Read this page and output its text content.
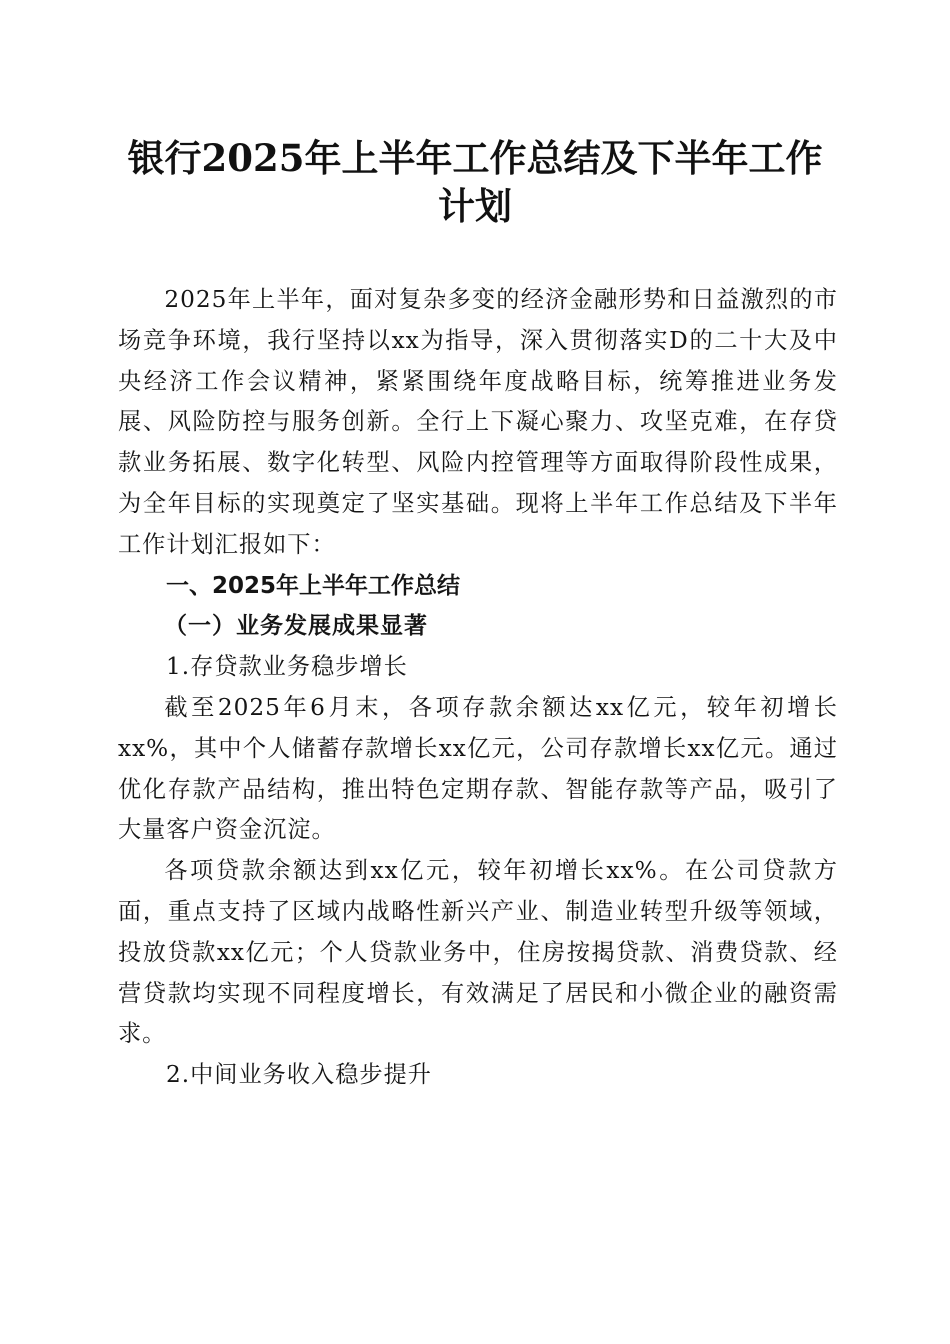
银行2025年上半年工作总结及下半年工作计划

2025年上半年，面对复杂多变的经济金融形势和日益激烈的市场竞争环境，我行坚持以xx为指导，深入贯彻落实D的二十大及中央经济工作会议精神，紧紧围绕年度战略目标，统筹推进业务发展、风险防控与服务创新。全行上下凝心聚力、攻坚克难，在存贷款业务拓展、数字化转型、风险内控管理等方面取得阶段性成果，为全年目标的实现奠定了坚实基础。现将上半年工作总结及下半年工作计划汇报如下：

一、2025年上半年工作总结

（一）业务发展成果显著

1.存贷款业务稳步增长

截至2025年6月末，各项存款余额达xx亿元，较年初增长xx%，其中个人储蓄存款增长xx亿元，公司存款增长xx亿元。通过优化存款产品结构，推出特色定期存款、智能存款等产品，吸引了大量客户资金沉淀。

各项贷款余额达到xx亿元，较年初增长xx%。在公司贷款方面，重点支持了区域内战略性新兴产业、制造业转型升级等领域，投放贷款xx亿元；个人贷款业务中，住房按揭贷款、消费贷款、经营贷款均实现不同程度增长，有效满足了居民和小微企业的融资需求。

2.中间业务收入稳步提升
